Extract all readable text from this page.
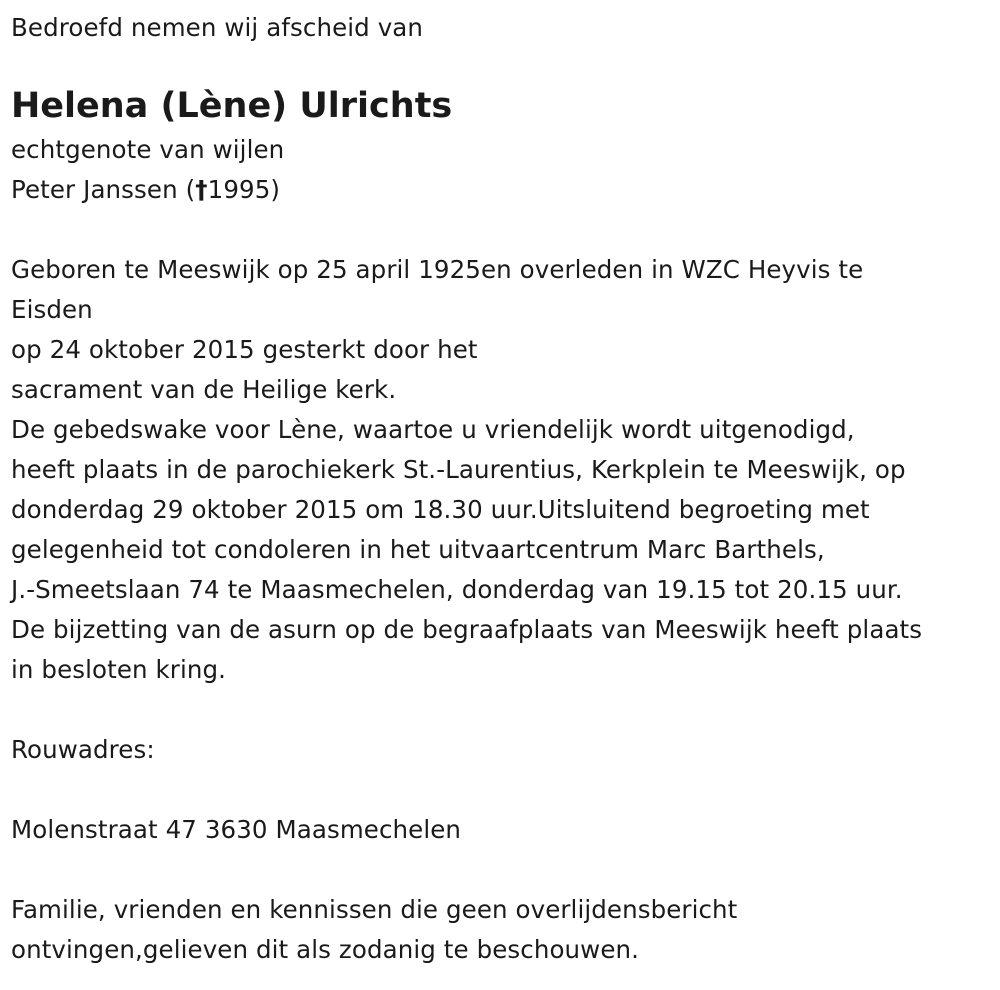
Bedroefd nemen wij afscheid van
Helena (Lène) Ulrichts
echtgenote van wijlen
Peter Janssen (†1995)
Geboren te Meeswijk op 25 april 1925en overleden in WZC Heyvis te
Eisden
op 24 oktober 2015 gesterkt door het
sacrament van de Heilige kerk.
De gebedswake voor Lène, waartoe u vriendelijk wordt uitgenodigd,
heeft plaats in de parochiekerk St.-Laurentius, Kerkplein te Meeswijk, op
donderdag 29 oktober 2015 om 18.30 uur.Uitsluitend begroeting met
gelegenheid tot condoleren in het uitvaartcentrum Marc Barthels,
J.-Smeetslaan 74 te Maasmechelen, donderdag van 19.15 tot 20.15 uur.
De bijzetting van de asurn op de begraafplaats van Meeswijk heeft plaats
in besloten kring.
Rouwadres:
Molenstraat 47 3630 Maasmechelen
Familie, vrienden en kennissen die geen overlijdensbericht
ontvingen,gelieven dit als zodanig te beschouwen.
